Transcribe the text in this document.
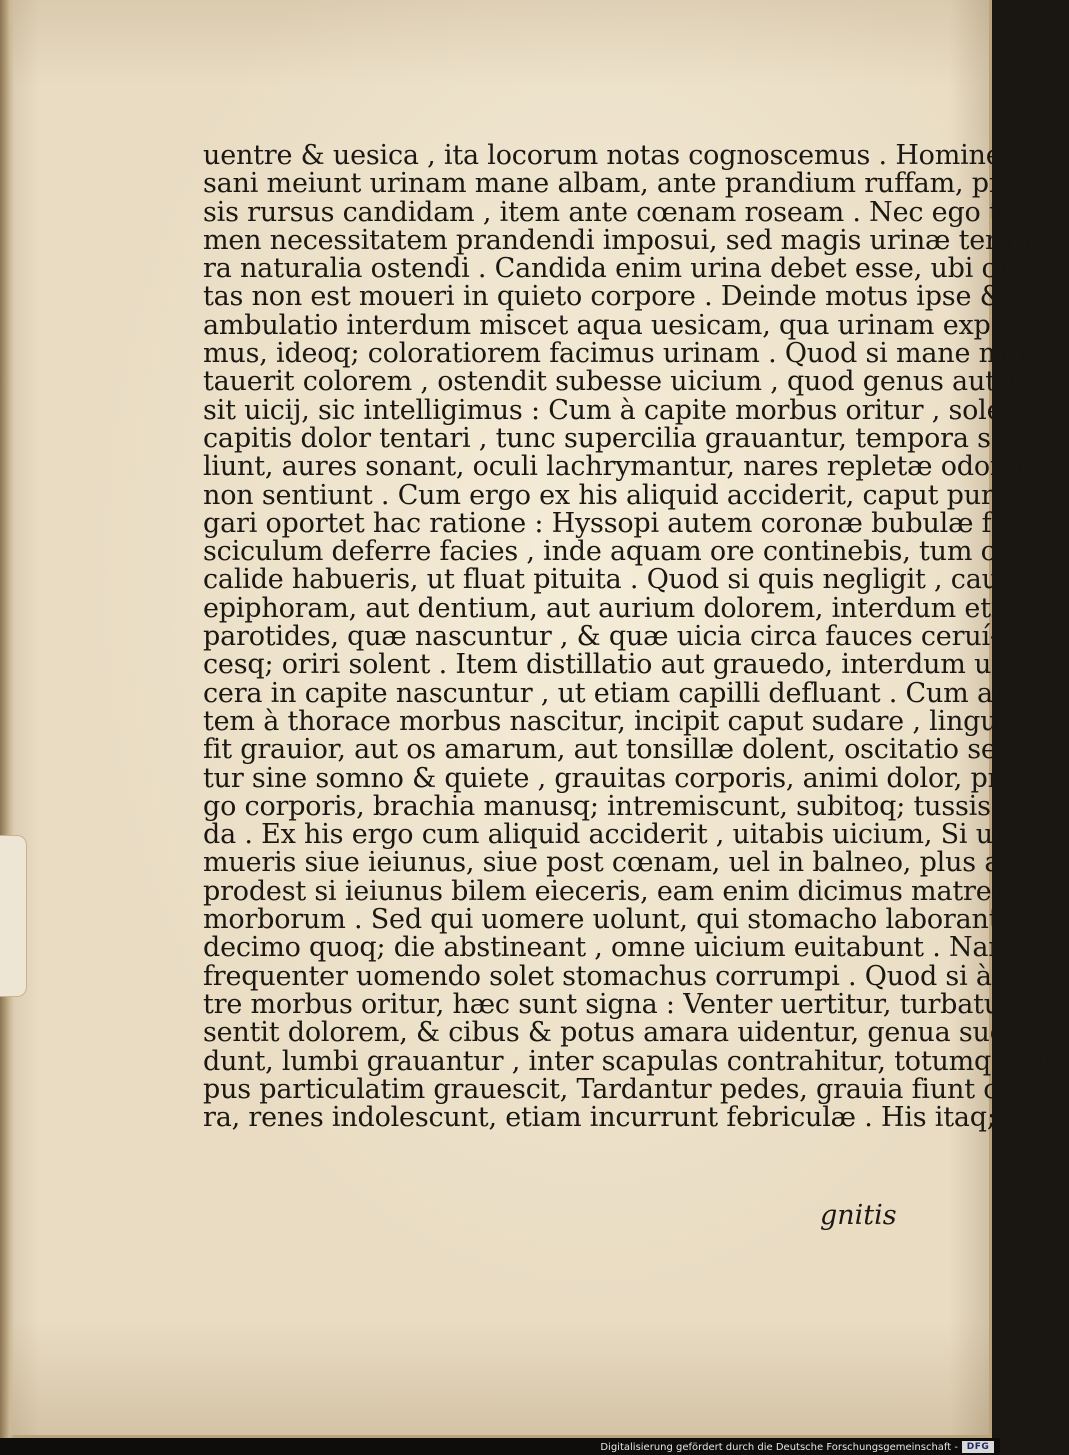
uentre & uesica , ita locorum notas cognoscemus . Homines
sani meiunt urinam mane albam, ante prandium ruffam, pran-
sis rursus candidam , item ante cœnam roseam . Nec ego ta-
men necessitatem prandendi imposui, sed magis urinæ tempo-
ra naturalia ostendi . Candida enim urina debet esse, ubi crudi-
tas non est moueri in quieto corpore . Deinde motus ipse &
ambulatio interdum miscet aqua uesicam, qua urinam expelli-
mus, ideoq; coloratiorem facimus urinam . Quod si mane mu
tauerit colorem , ostendit subesse uicium , quod genus autem
sit uicij, sic intelligimus : Cum à capite morbus oritur , solet
capitis dolor tentari , tunc supercilia grauantur, tempora sa-
liunt, aures sonant, oculi lachrymantur, nares repletæ odorem
non sentiunt . Cum ergo ex his aliquid acciderit, caput pur-
gari oportet hac ratione : Hyssopi autem coronæ bubulæ fa-
sciculum deferre facies , inde aquam ore continebis, tum caput
calide habueris, ut fluat pituita . Quod si quis negligit , caueat
epiphoram, aut dentium, aut aurium dolorem, interdum etiam
parotides, quæ nascuntur , & quæ uicia circa fauces ceruí-
cesq; oriri solent . Item distillatio aut grauedo, interdum ul-
cera in capite nascuntur , ut etiam capilli defluant . Cum au-
tem à thorace morbus nascitur, incipit caput sudare , linguaq;
fit grauior, aut os amarum, aut tonsillæ dolent, oscitatio sequi-
tur sine somno & quiete , grauitas corporis, animi dolor, pruri-
go corporis, brachia manusq; intremiscunt, subitoq; tussis ari-
da . Ex his ergo cum aliquid acciderit , uitabis uicium, Si uo-
mueris siue ieiunus, siue post cœnam, uel in balneo, plus autem
prodest si ieiunus bilem eieceris, eam enim dicimus matrem
morborum . Sed qui uomere uolunt, qui stomacho laborant,
decimo quoq; die abstineant , omne uicium euitabunt . Nam
frequenter uomendo solet stomachus corrumpi . Quod si à uen
tre morbus oritur, hæc sunt signa : Venter uertitur, turbatur,
sentit dolorem, & cibus & potus amara uidentur, genua succi-
dunt, lumbi grauantur , inter scapulas contrahitur, totumq; cor
pus particulatim grauescit, Tardantur pedes, grauia fiunt cru-
ra, renes indolescunt, etiam incurrunt febriculæ . His itaq; co-
gnitis
Digitalisierung gefördert durch die Deutsche Forschungsgemeinschaft - DFG
